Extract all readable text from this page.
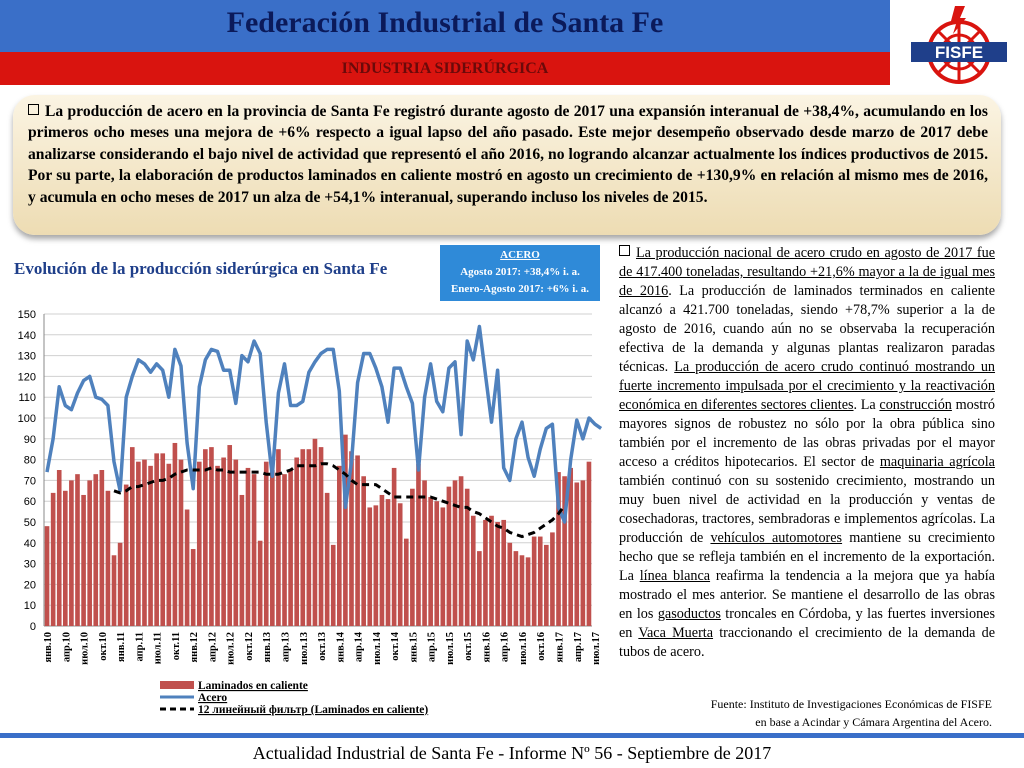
Federación Industrial de Santa Fe
INDUSTRIA SIDERÚRGICA
FISFE
La producción de acero en la provincia de Santa Fe registró durante agosto de 2017 una expansión interanual de +38,4%, acumulando en los primeros ocho meses una mejora de +6% respecto a igual lapso del año pasado. Este mejor desempeño observado desde marzo de 2017 debe analizarse considerando el bajo nivel de actividad que representó el año 2016, no logrando alcanzar actualmente los índices productivos de 2015. Por su parte, la elaboración de productos laminados en caliente mostró en agosto un crecimiento de +130,9% en relación al mismo mes de 2016, y acumula en ocho meses de 2017 un alza de +54,1% interanual, superando incluso los niveles de 2015.
Evolución de la producción siderúrgica en Santa Fe
ACERO
Agosto 2017: +38,4% i. a.
Enero-Agosto 2017: +6% i. a.
La producción nacional de acero crudo en agosto de 2017 fue de 417.400 toneladas, resultando +21,6% mayor a la de igual mes de 2016. La producción de laminados terminados en caliente alcanzó a 421.700 toneladas, siendo +78,7% superior a la de agosto de 2016, cuando aún no se observaba la recuperación efectiva de la demanda y algunas plantas realizaron paradas técnicas. La producción de acero crudo continuó mostrando un fuerte incremento impulsada por el crecimiento y la reactivación económica en diferentes sectores clientes. La construcción mostró mayores signos de robustez no sólo por la obra pública sino también por el incremento de las obras privadas por el mayor acceso a créditos hipotecarios. El sector de maquinaria agrícola también continuó con su sostenido crecimiento, mostrando un muy buen nivel de actividad en la producción y ventas de cosechadoras, tractores, sembradoras e implementos agrícolas. La producción de vehículos automotores mantiene su crecimiento hecho que se refleja también en el incremento de la exportación. La línea blanca reafirma la tendencia a la mejora que ya había mostrado el mes anterior. Se mantiene el desarrollo de las obras en los gasoductos troncales en Córdoba, y las fuertes inversiones en Vaca Muerta traccionando el crecimiento de la demanda de tubos de acero.
Fuente: Instituto de Investigaciones Económicas de FISFE
en base a Acindar y Cámara Argentina del Acero.
0
10
20
30
40
50
60
70
80
90
100
110
120
130
140
150
янв.10 апр.10 июл.10 окт.10 янв.11 апр.11 июл.11 окт.11 янв.12 апр.12 июл.12 окт.12 янв.13 апр.13 июл.13 окт.13 янв.14 апр.14 июл.14 окт.14 янв.15 апр.15 июл.15 окт.15 янв.16 апр.16 июл.16 окт.16 янв.17 апр.17 июл.17
Laminados en caliente
Acero
12 линейный фильтр (Laminados en caliente)
Actualidad Industrial de Santa Fe - Informe Nº 56 - Septiembre de 2017
